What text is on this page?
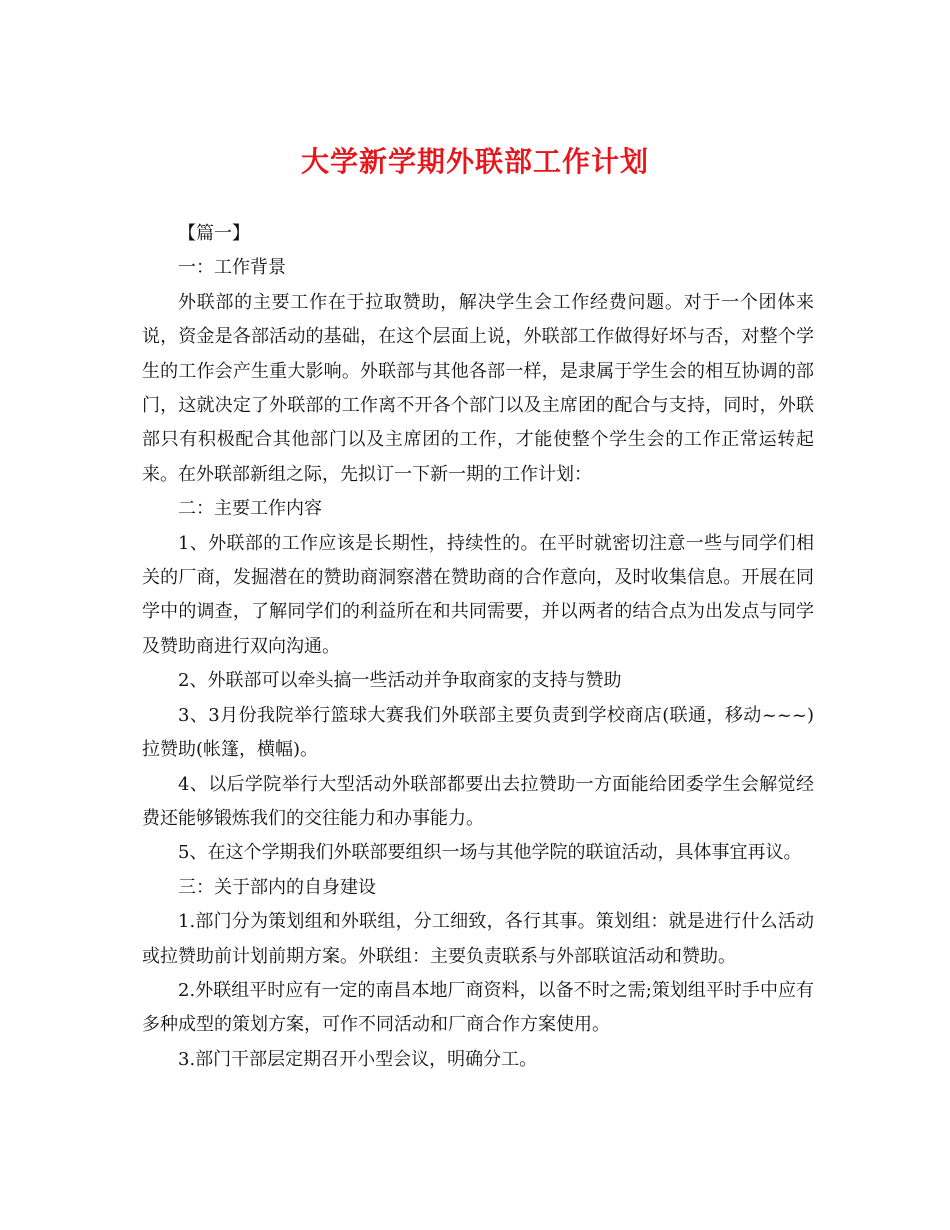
大学新学期外联部工作计划

【篇一】

一：工作背景

外联部的主要工作在于拉取赞助，解决学生会工作经费问题。对于一个团体来说，资金是各部活动的基础，在这个层面上说，外联部工作做得好坏与否，对整个学生的工作会产生重大影响。外联部与其他各部一样，是隶属于学生会的相互协调的部门，这就决定了外联部的工作离不开各个部门以及主席团的配合与支持，同时，外联部只有积极配合其他部门以及主席团的工作，才能使整个学生会的工作正常运转起来。在外联部新组之际，先拟订一下新一期的工作计划：

二：主要工作内容

1、外联部的工作应该是长期性，持续性的。在平时就密切注意一些与同学们相关的厂商，发掘潜在的赞助商洞察潜在赞助商的合作意向，及时收集信息。开展在同学中的调查，了解同学们的利益所在和共同需要，并以两者的结合点为出发点与同学及赞助商进行双向沟通。

2、外联部可以牵头搞一些活动并争取商家的支持与赞助

3、3月份我院举行篮球大赛我们外联部主要负责到学校商店(联通，移动~~~)拉赞助(帐篷，横幅)。

4、以后学院举行大型活动外联部都要出去拉赞助一方面能给团委学生会解觉经费还能够锻炼我们的交往能力和办事能力。

5、在这个学期我们外联部要组织一场与其他学院的联谊活动，具体事宜再议。

三：关于部内的自身建设

1.部门分为策划组和外联组，分工细致，各行其事。策划组：就是进行什么活动或拉赞助前计划前期方案。外联组：主要负责联系与外部联谊活动和赞助。

2.外联组平时应有一定的南昌本地厂商资料，以备不时之需;策划组平时手中应有多种成型的策划方案，可作不同活动和厂商合作方案使用。

3.部门干部层定期召开小型会议，明确分工。
